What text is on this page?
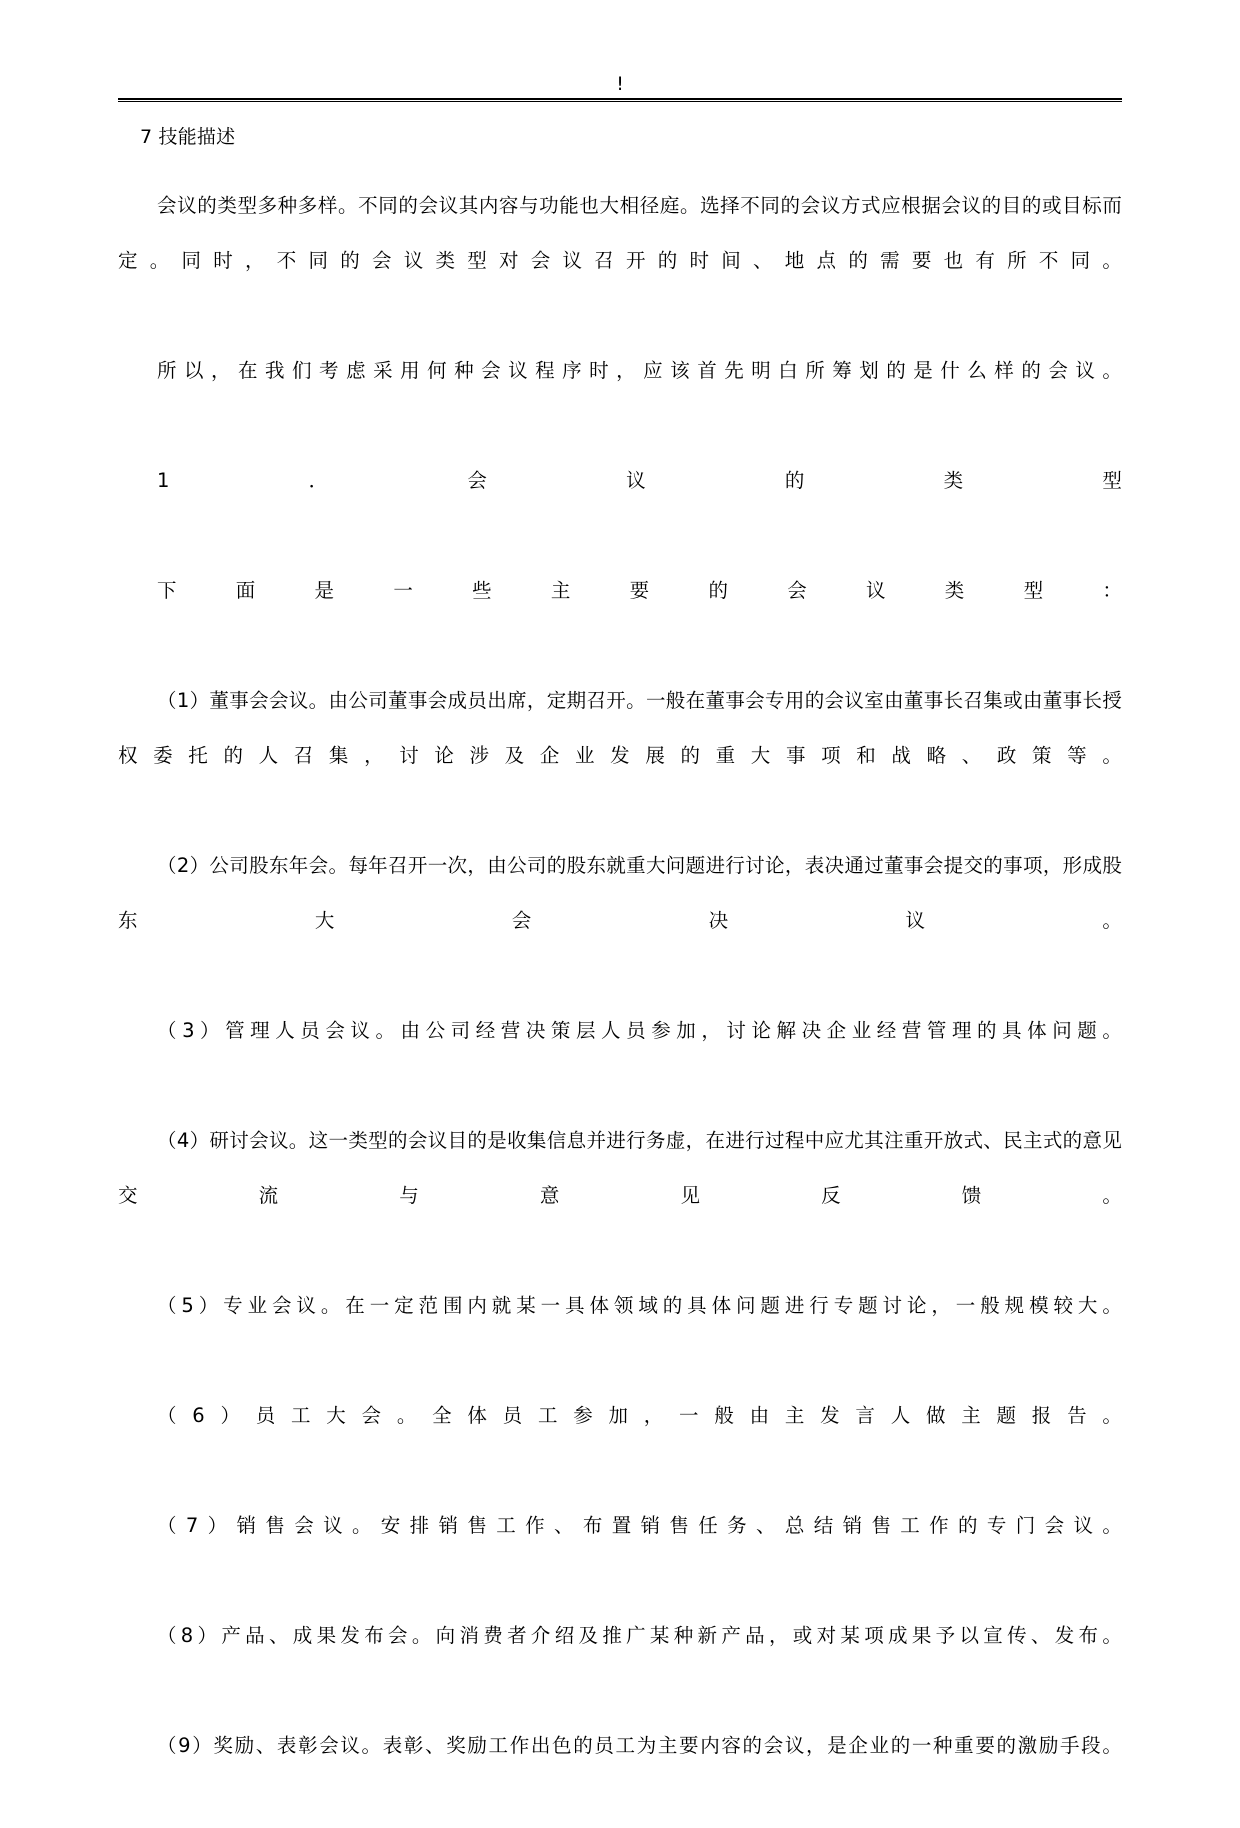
!
7 技能描述

会议的类型多种多样。不同的会议其内容与功能也大相径庭。选择不同的会议方式应根据会议的目的或目标而定。同时，不同的会议类型对会议召开的时间、地点的需要也有所不同。

所以，在我们考虑采用何种会议程序时，应该首先明白所筹划的是什么样的会议。

1．会议的类型

下面是一些主要的会议类型：

（1）董事会会议。由公司董事会成员出席，定期召开。一般在董事会专用的会议室由董事长召集或由董事长授权委托的人召集，讨论涉及企业发展的重大事项和战略、政策等。

（2）公司股东年会。每年召开一次，由公司的股东就重大问题进行讨论，表决通过董事会提交的事项，形成股东大会决议。

（3）管理人员会议。由公司经营决策层人员参加，讨论解决企业经营管理的具体问题。

（4）研讨会议。这一类型的会议目的是收集信息并进行务虚，在进行过程中应尤其注重开放式、民主式的意见交流与意见反馈。

（5）专业会议。在一定范围内就某一具体领域的具体问题进行专题讨论，一般规模较大。

（6）员工大会。全体员工参加，一般由主发言人做主题报告。

（7）销售会议。安排销售工作、布置销售任务、总结销售工作的专门会议。

（8）产品、成果发布会。向消费者介绍及推广某种新产品，或对某项成果予以宣传、发布。

（9）奖励、表彰会议。表彰、奖励工作出色的员工为主要内容的会议，是企业的一种重要的激励手段。
